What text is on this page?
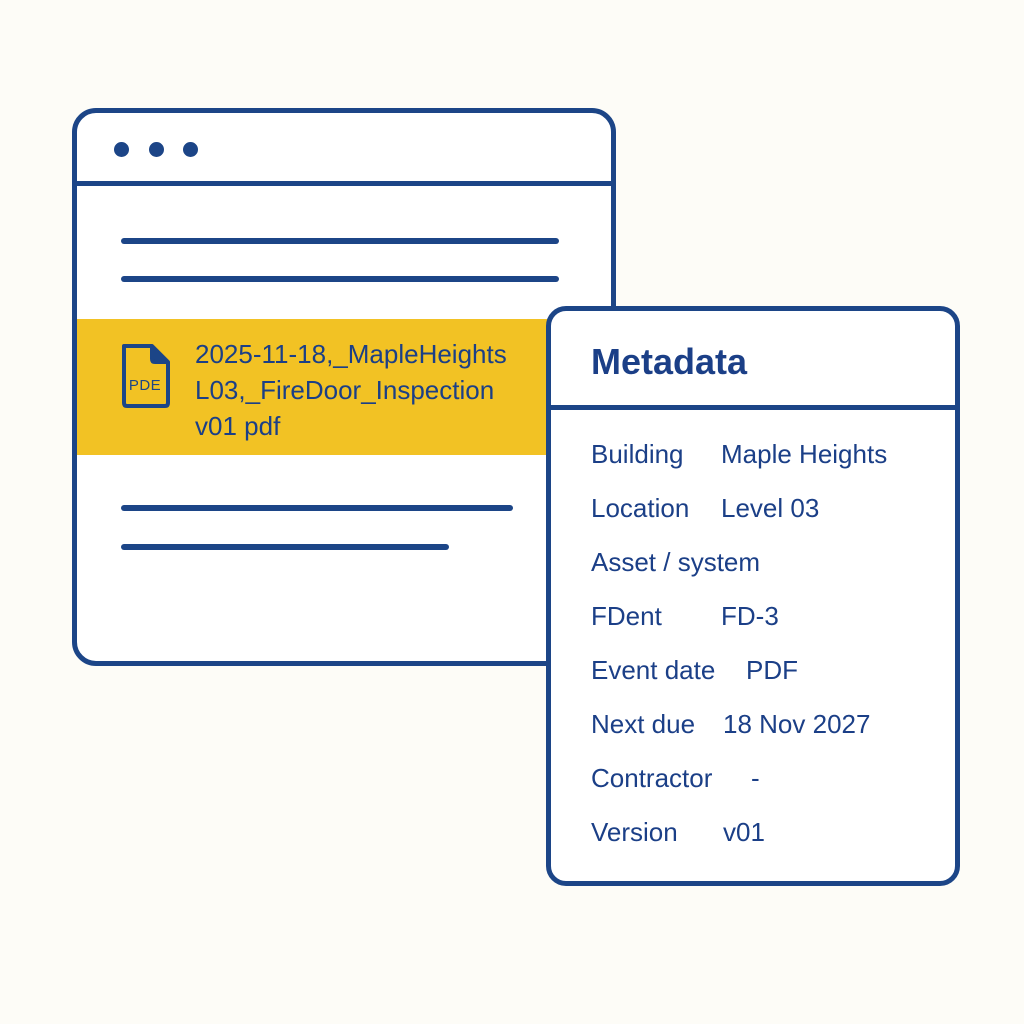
PDE
2025-11-18,_MapleHeights
L03,_FireDoor_Inspection
v01 pdf
Metadata
Building Maple Heights
Location Level 03
Asset / system
FDent FD-3
Event date PDF
Next due 18 Nov 2027
Contractor -
Version v01
